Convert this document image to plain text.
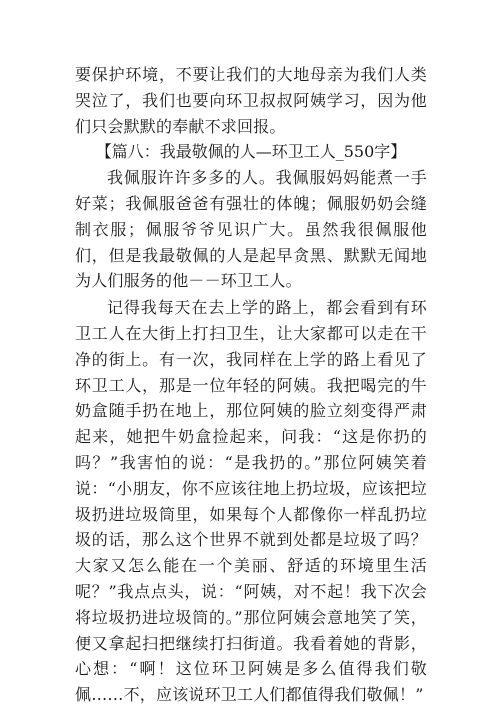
要保护环境，不要让我们的大地母亲为我们人类哭泣了，我们也要向环卫叔叔阿姨学习，因为他们只会默默的奉献不求回报。

【篇八：我最敬佩的人—环卫工人_550字】

我佩服许许多多的人。我佩服妈妈能煮一手好菜；我佩服爸爸有强壮的体魄；佩服奶奶会缝制衣服；佩服爷爷见识广大。虽然我很佩服他们，但是我最敬佩的人是起早贪黑、默默无闻地为人们服务的他－－环卫工人。

记得我每天在去上学的路上，都会看到有环卫工人在大街上打扫卫生，让大家都可以走在干净的街上。有一次，我同样在上学的路上看见了环卫工人，那是一位年轻的阿姨。我把喝完的牛奶盒随手扔在地上，那位阿姨的脸立刻变得严肃起来，她把牛奶盒捡起来，问我：“这是你扔的吗？”我害怕的说：“是我扔的。”那位阿姨笑着说：“小朋友，你不应该往地上扔垃圾，应该把垃圾扔进垃圾筒里，如果每个人都像你一样乱扔垃圾的话，那么这个世界不就到处都是垃圾了吗？大家又怎么能在一个美丽、舒适的环境里生活呢？”我点点头，说：“阿姨，对不起！我下次会将垃圾扔进垃圾筒的。”那位阿姨会意地笑了笑，便又拿起扫把继续打扫街道。我看着她的背影，心想：“啊！这位环卫阿姨是多么值得我们敬佩……不，应该说环卫工人们都值得我们敬佩！”
